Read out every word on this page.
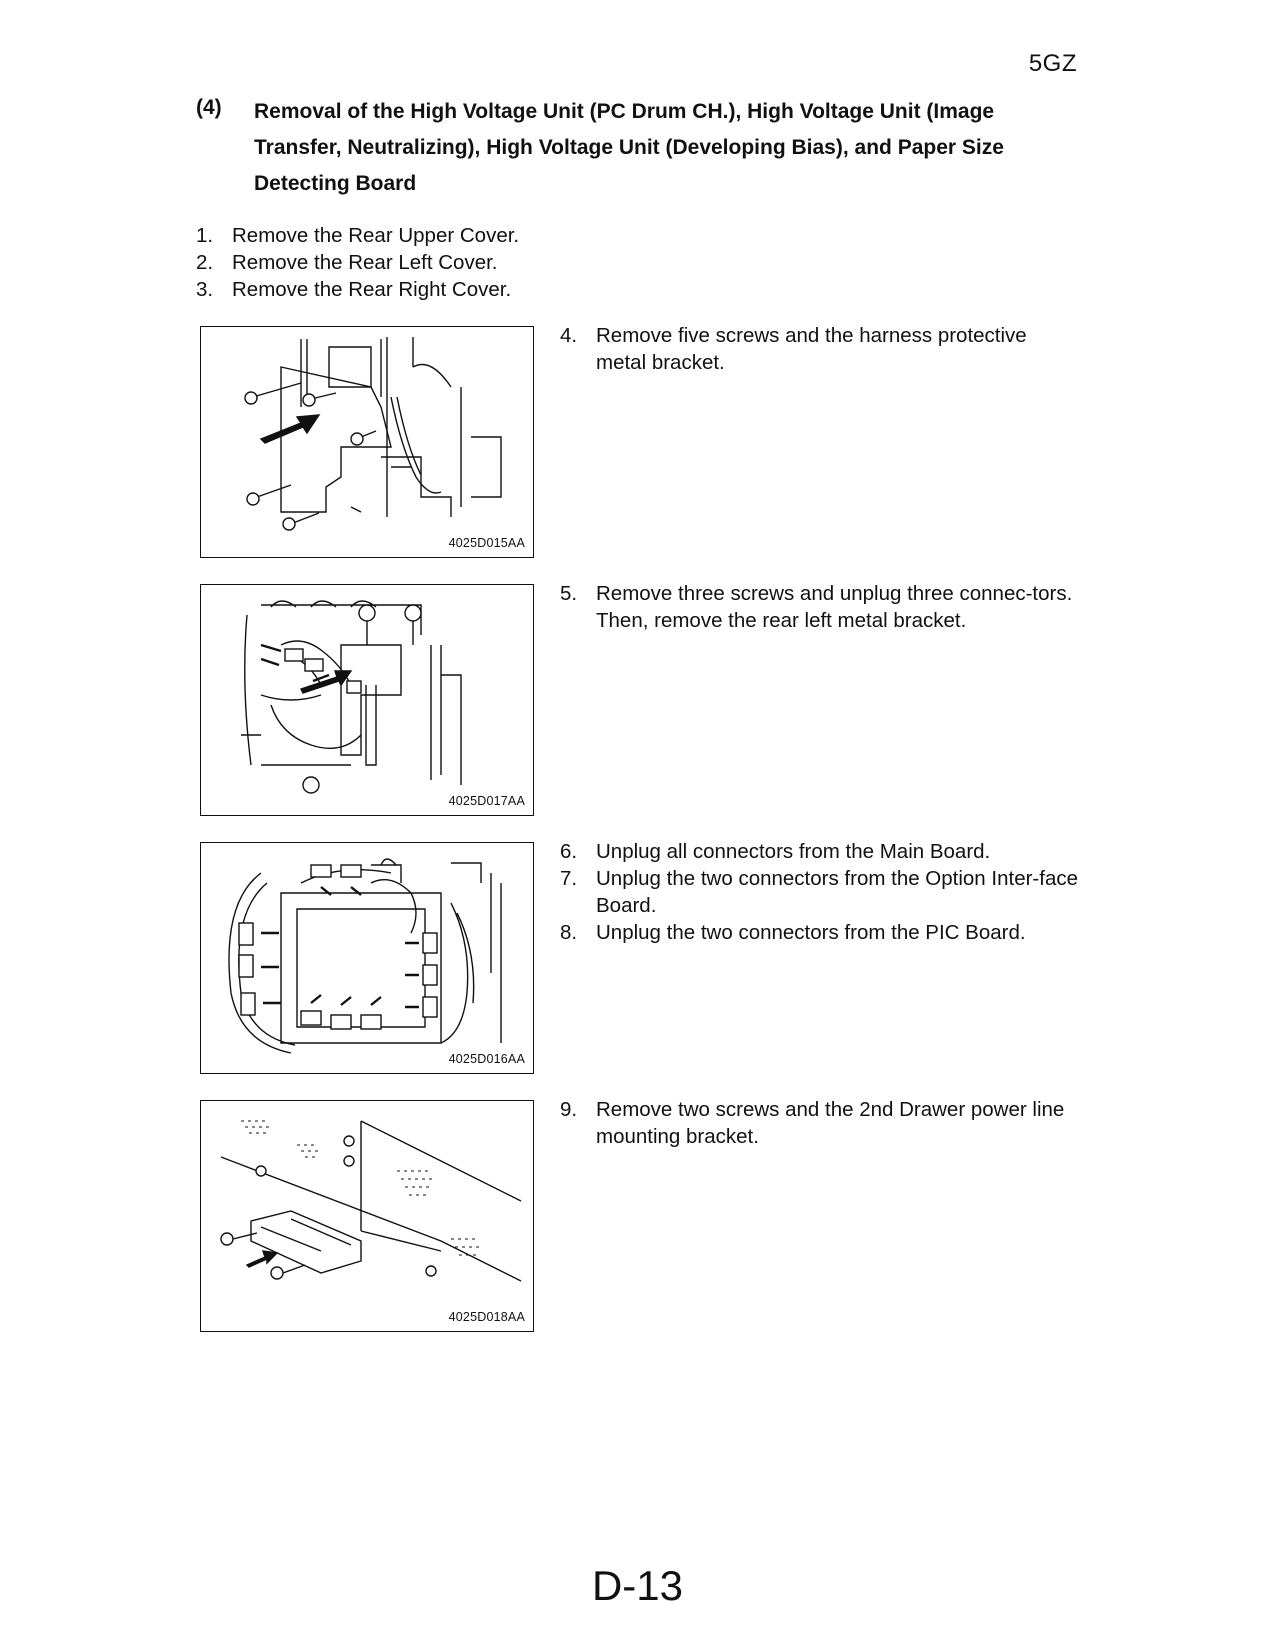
5GZ
(4) Removal of the High Voltage Unit (PC Drum CH.), High Voltage Unit (Image Transfer, Neutralizing), High Voltage Unit (Developing Bias), and Paper Size Detecting Board
1. Remove the Rear Upper Cover.
2. Remove the Rear Left Cover.
3. Remove the Rear Right Cover.
4025D015AA
4025D017AA
4025D016AA
4025D018AA
4. Remove five screws and the harness protective metal bracket.
5. Remove three screws and unplug three connec-tors. Then, remove the rear left metal bracket.
6. Unplug all connectors from the Main Board.
7. Unplug the two connectors from the Option Inter-face Board.
8. Unplug the two connectors from the PIC Board.
9. Remove two screws and the 2nd Drawer power line mounting bracket.
D-13
